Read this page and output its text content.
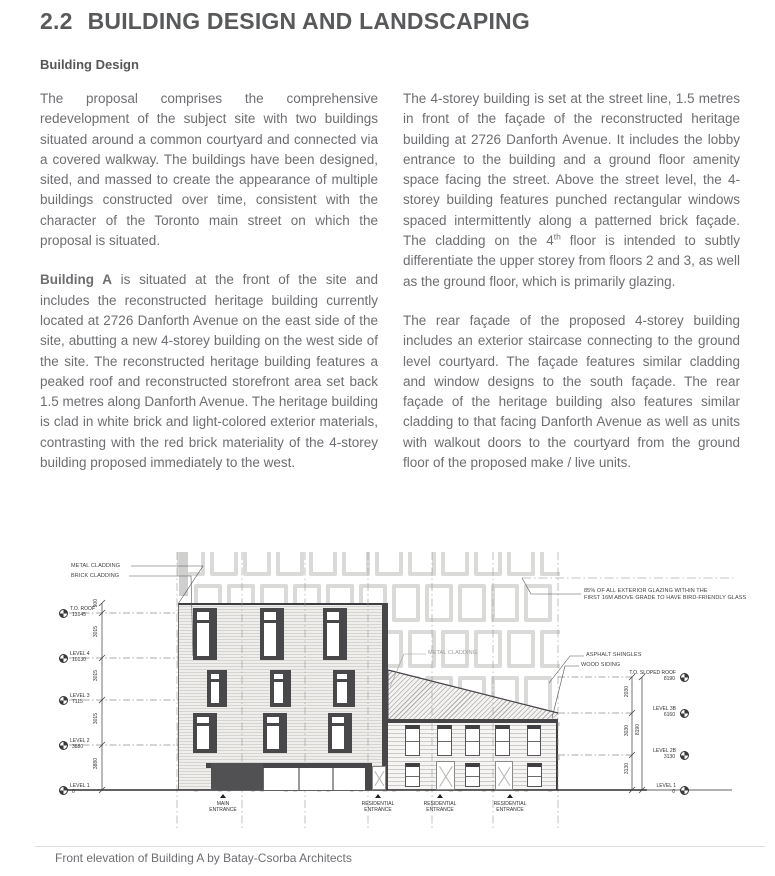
2.2 BUILDING DESIGN AND LANDSCAPING
Building Design

The proposal comprises the comprehensive redevelopment of the subject site with two buildings situated around a common courtyard and connected via a covered walkway. The buildings have been designed, sited, and massed to create the appearance of multiple buildings constructed over time, consistent with the character of the Toronto main street on which the proposal is situated.

Building A is situated at the front of the site and includes the reconstructed heritage building currently located at 2726 Danforth Avenue on the east side of the site, abutting a new 4-storey building on the west side of the site. The reconstructed heritage building features a peaked roof and reconstructed storefront area set back 1.5 metres along Danforth Avenue. The heritage building is clad in white brick and light-colored exterior materials, contrasting with the red brick materiality of the 4-storey building proposed immediately to the west.

The 4-storey building is set at the street line, 1.5 metres in front of the façade of the reconstructed heritage building at 2726 Danforth Avenue. It includes the lobby entrance to the building and a ground floor amenity space facing the street. Above the street level, the 4-storey building features punched rectangular windows spaced intermittently along a patterned brick façade. The cladding on the 4th floor is intended to subtly differentiate the upper storey from floors 2 and 3, as well as the ground floor, which is primarily glazing.

The rear façade of the proposed 4-storey building includes an exterior staircase connecting to the ground level courtyard. The façade features similar cladding and window designs to the south façade. The rear façade of the heritage building also features similar cladding to that facing Danforth Avenue as well as units with walkout doors to the courtyard from the ground floor of the proposed make / live units.

MAIN
ENTRANCE
RESIDENTIAL
ENTRANCE
RESIDENTIAL
ENTRANCE
RESIDENTIAL
ENTRANCE
T.O. ROOF
13145
LEVEL 4
10130
LEVEL 3
7115
LEVEL 2
3880
LEVEL 1
0
900
3015
3015
3015
3880
T.O. SLOPED ROOF
8190
LEVEL 3B
6160
LEVEL 2B
3130
LEVEL 1
0
2030
3030
3130
8190
METAL CLADDING
BRICK CLADDING
METAL CLADDING	ASPHALT SHINGLES
WOOD SIDING
85% OF ALL EXTERIOR GLAZING WITHIN THE
FIRST 16M ABOVE GRADE TO HAVE BIRD-FRIENDLY GLASS
Front elevation of Building A by Batay-Csorba Architects
